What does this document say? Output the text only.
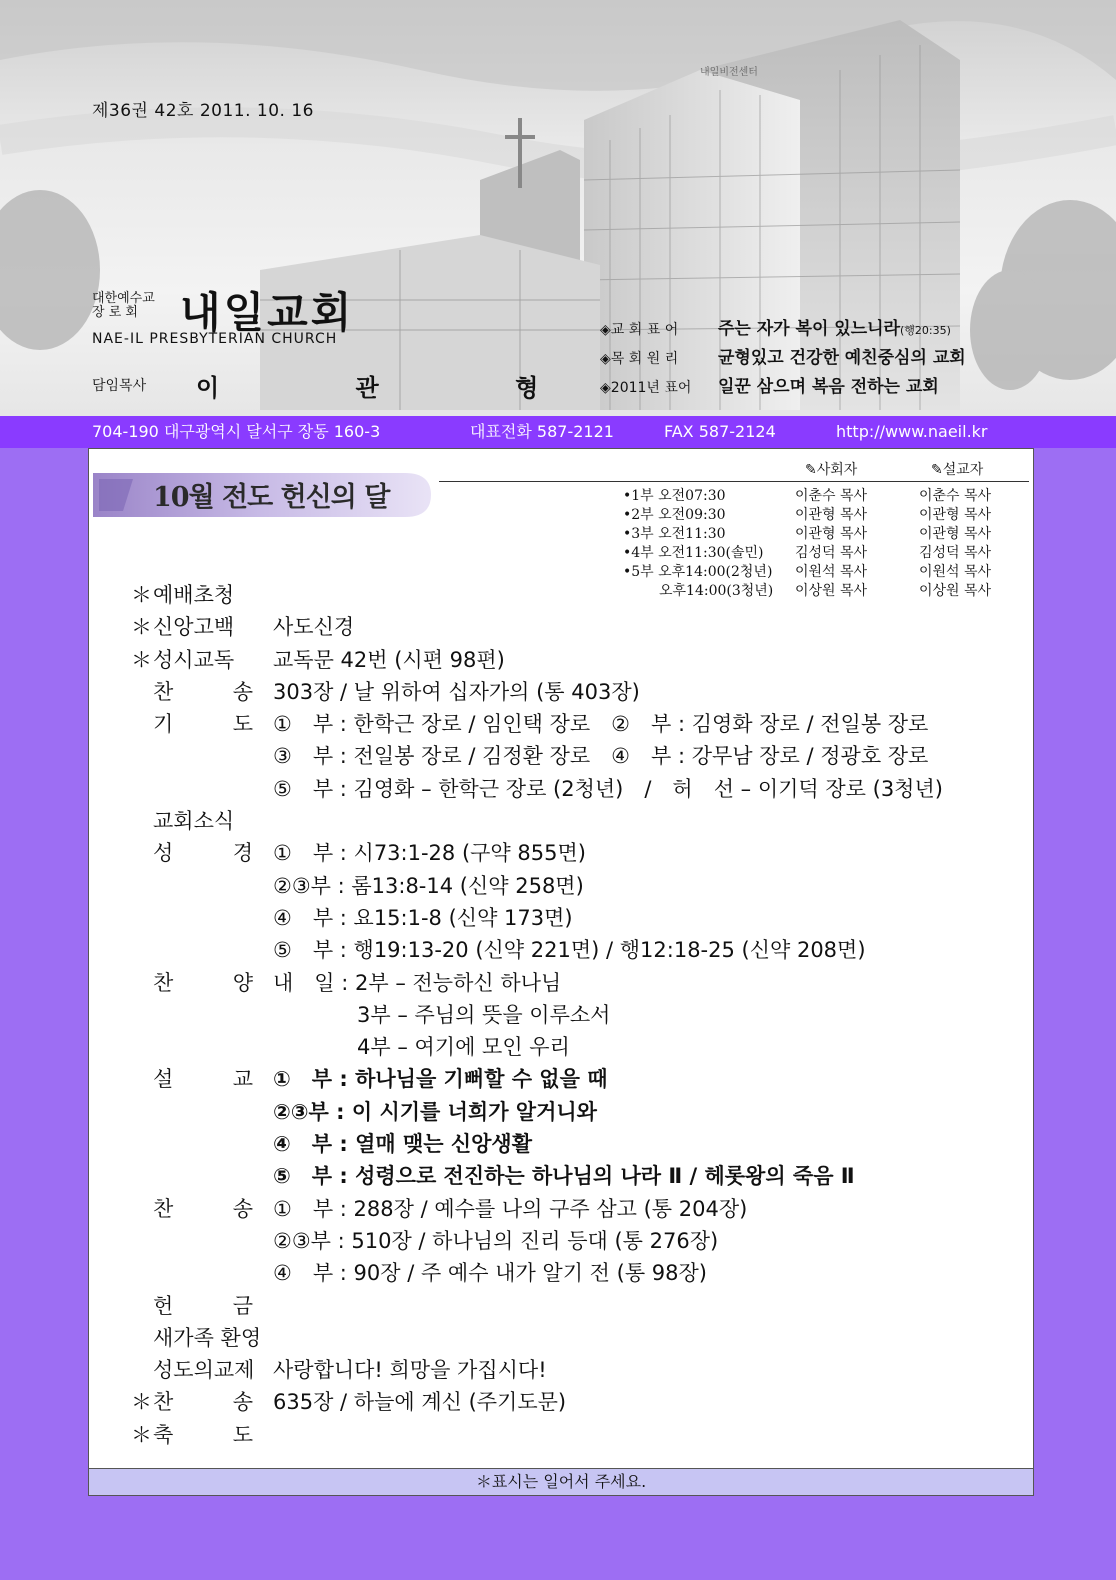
내일비전센터
제36권 42호 2011. 10. 16
대한예수교
장 로 회	내일교회
NAE-IL PRESBYTERIAN CHURCH
담임목사 이 관 형
◈교 회 표 어 주는 자가 복이 있느니라(행20:35)
◈목 회 원 리 균형있고 건강한 예친중심의 교회
◈2011년 표어 일꾼 삼으며 복음 전하는 교회
704-190 대구광역시 달서구 장동 160-3	대표전화 587-2121	FAX 587-2124	http://www.naeil.kr
10월 전도 헌신의 달
✎사회자	✎설교자
•1부 오전07:30	이춘수 목사	이춘수 목사
•2부 오전09:30	이관형 목사	이관형 목사
•3부 오전11:30	이관형 목사	이관형 목사
•4부 오전11:30(솔민) 김성덕 목사	김성덕 목사
•5부 오후14:00(2청년) 이원석 목사	이원석 목사
오후14:00(3청년) 이상원 목사	이상원 목사
＊ 예배초청
＊ 신앙고백 사도신경
＊ 성시교독 교독문 42번 (시편 98편)
찬	송 303장 / 날 위하여 십자가의 (통 403장)
기	도 ①　부 : 한학근 장로 / 임인택 장로　②　부 : 김영화 장로 / 전일봉 장로
③　부 : 전일봉 장로 / 김정환 장로　④　부 : 강무남 장로 / 정광호 장로
⑤　부 : 김영화 – 한학근 장로 (2청년)　/　허　선 – 이기덕 장로 (3청년)
교회소식
성	경 ①　부 : 시73:1-28 (구약 855면)
②③부 : 롬13:8-14 (신약 258면)
④　부 : 요15:1-8 (신약 173면)
⑤　부 : 행19:13-20 (신약 221면) / 행12:18-25 (신약 208면)
찬	양 내　일 : 2부 – 전능하신 하나님
　　　　3부 – 주님의 뜻을 이루소서
　　　　4부 – 여기에 모인 우리
설	교 ①　부 : 하나님을 기뻐할 수 없을 때
②③부 : 이 시기를 너희가 알거니와
④　부 : 열매 맺는 신앙생활
⑤　부 : 성령으로 전진하는 하나님의 나라 Ⅱ / 헤롯왕의 죽음 Ⅱ
찬	송 ①　부 : 288장 / 예수를 나의 구주 삼고 (통 204장)
②③부 : 510장 / 하나님의 진리 등대 (통 276장)
④　부 : 90장 / 주 예수 내가 알기 전 (통 98장)
헌	금
새가족 환영
성도의교제 사랑합니다! 희망을 가집시다!
＊ 찬	송 635장 / 하늘에 계신 (주기도문)
＊ 축	도
＊표시는 일어서 주세요.
